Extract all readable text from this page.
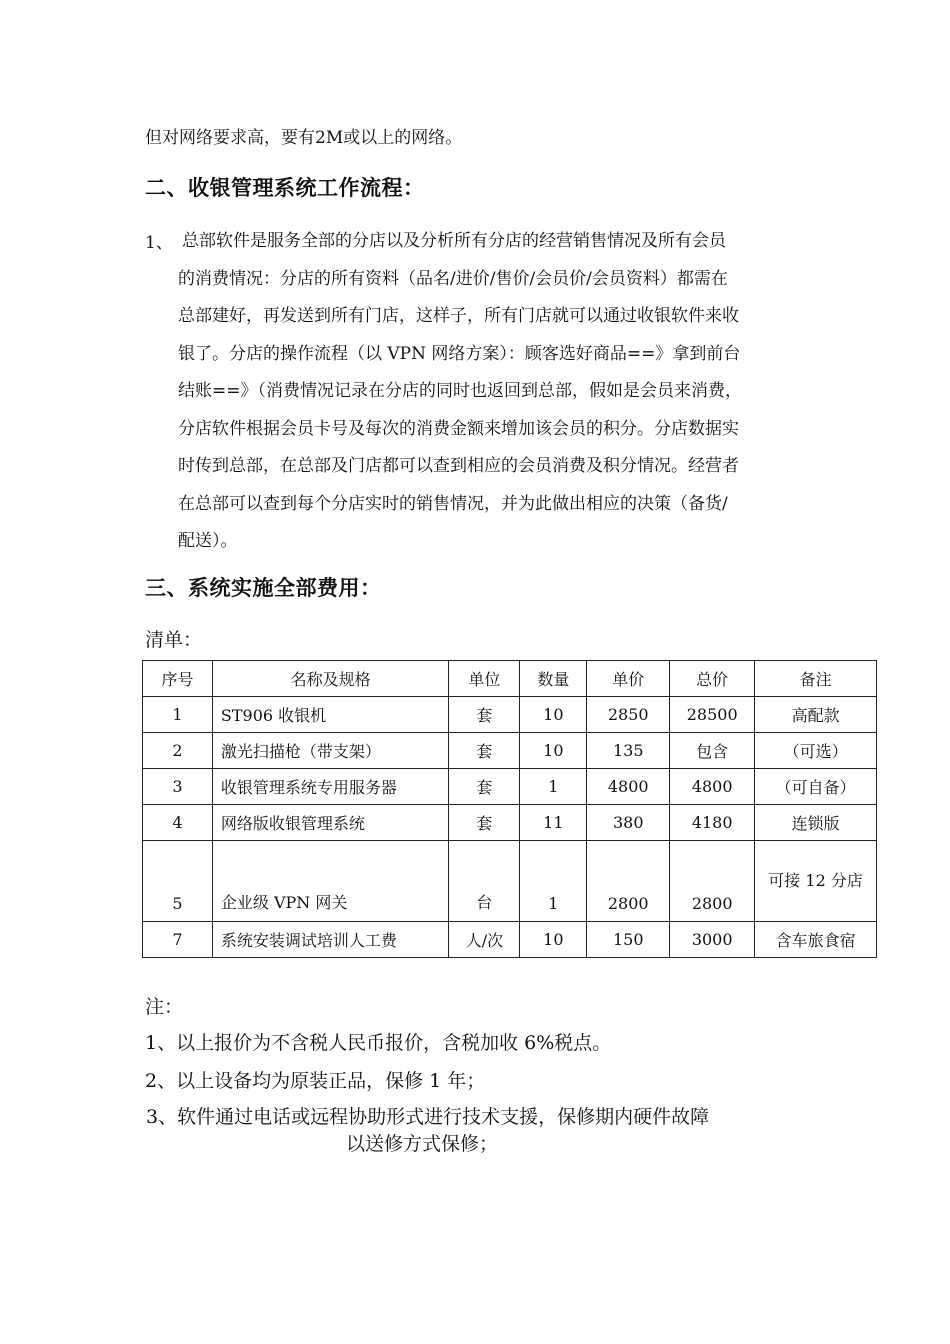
但对网络要求高，要有2M或以上的网络。
二、收银管理系统工作流程：
1、 总部软件是服务全部的分店以及分析所有分店的经营销售情况及所有会员
的消费情况：分店的所有资料（品名/进价/售价/会员价/会员资料）都需在
总部建好，再发送到所有门店，这样子，所有门店就可以通过收银软件来收
银了。分店的操作流程（以 VPN 网络方案）：顾客选好商品==》拿到前台
结账==》（消费情况记录在分店的同时也返回到总部，假如是会员来消费，
分店软件根据会员卡号及每次的消费金额来增加该会员的积分。分店数据实
时传到总部，在总部及门店都可以查到相应的会员消费及积分情况。经营者
在总部可以查到每个分店实时的销售情况，并为此做出相应的决策（备货/
配送）。
三、系统实施全部费用：
清单：
序号	名称及规格	单位	数量	单价	总价	备注
1	ST906 收银机	套	10	2850	28500	高配款
2	激光扫描枪（带支架）	套	10	135	包含	（可选）
3	收银管理系统专用服务器	套	1	4800	4800	（可自备）
4	网络版收银管理系统	套	11	380	4180	连锁版
5	企业级 VPN 网关	台	1	2800	2800	可接 12 分店
7	系统安装调试培训人工费	人/次	10	150	3000	含车旅食宿
注：
1、以上报价为不含税人民币报价，含税加收 6%税点。
2、以上设备均为原装正品，保修 1 年；
3、软件通过电话或远程协助形式进行技术支援，保修期内硬件故障
以送修方式保修；
